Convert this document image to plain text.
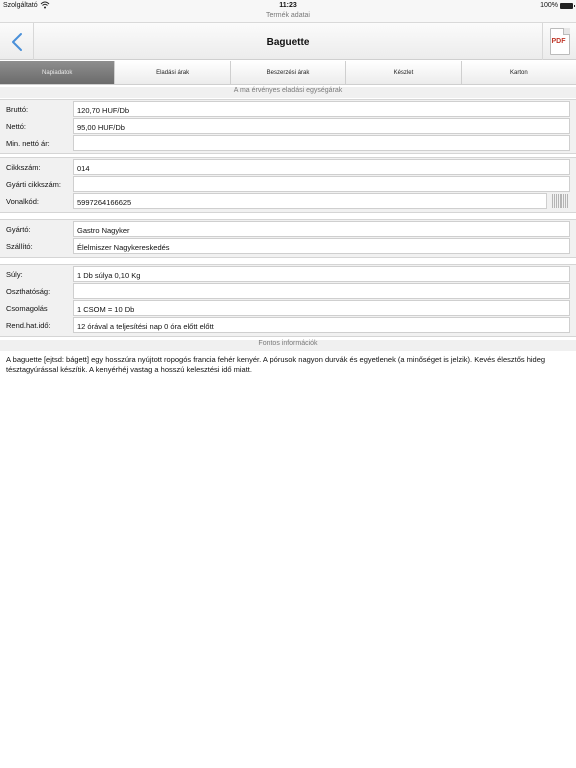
Szolgáltató	11:23	100%
Termék adatai
Baguette	PDF
Napiadatok	Eladási árak	Beszerzési árak	Készlet	Karton
A ma érvényes eladási egységárak
Bruttó:	120,70 HUF/Db
Nettó:	95,00 HUF/Db
Min. nettó ár:
Cikkszám:	014
Gyárti cikkszám:
Vonalkód:	5997264166625
Gyártó:	Gastro Nagyker
Szállító:	Élelmiszer Nagykereskedés
Súly:	1 Db súlya 0,10 Kg
Oszthatóság:
Csomagolás	1 CSOM = 10 Db
Rend.hat.idő:	12 órával a teljesítési nap 0 óra előtt előtt
Fontos információk
A baguette [ejtsd: bágett] egy hosszúra nyújtott ropogós francia fehér kenyér. A pórusok nagyon durvák és egyetlenek (a minőséget is jelzik). Kevés élesztős hideg tésztagyúrással készítik. A kenyérhéj vastag a hosszú kelesztési idő miatt.
